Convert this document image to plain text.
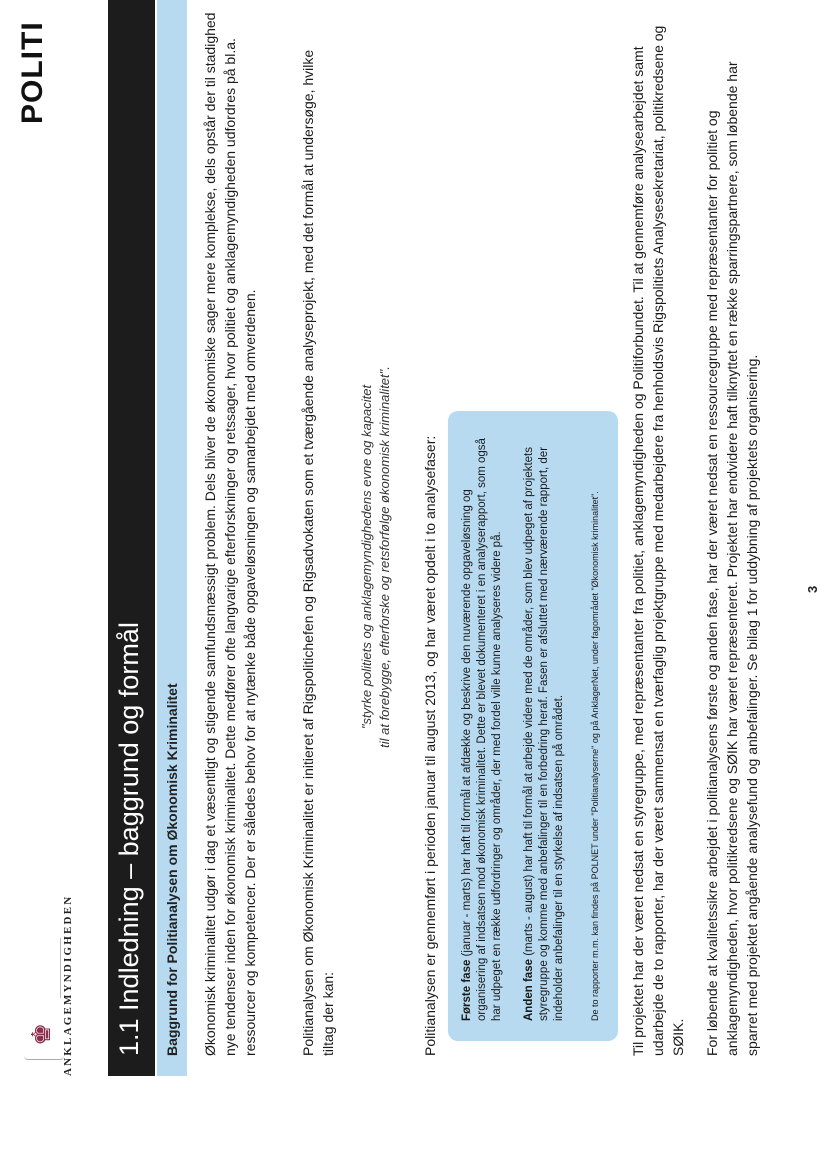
♚ ANKLAGEMYNDIGHEDEN
POLITI
1.1 Indledning – baggrund og formål Baggrund for Politianalysen om Økonomisk Kriminalitet Økonomisk kriminalitet udgør i dag et væsentligt og stigende samfundsmæssigt problem. Dels bliver de økonomiske sager mere komplekse, dels opstår der til stadighed nye tendenser inden for økonomisk kriminalitet. Dette medfører ofte langvarige efterforskninger og retssager, hvor politiet og anklagemyndigheden udfordres på bl.a. ressourcer og kompetencer. Der er således behov for at nytænke både opgaveløsningen og samarbejdet med omverdenen.	Politianalysen om Økonomisk Kriminalitet er initieret af Rigspolitichefen og Rigsadvokaten som et tværgående analyseprojekt, med det formål at undersøge, hvilke tiltag der kan:

"styrke politiets og anklagemyndighedens evne og kapacitet til at forebygge, efterforske og retsforfølge økonomisk kriminalitet". Politianalysen er gennemført i perioden januar til august 2013, og har været opdelt i to analysefaser: Første fase (januar - marts) har haft til formål at afdække og beskrive den nuværende opgaveløsning og organisering af indsatsen mod økonomisk kriminalitet. Dette er blevet dokumenteret i en analyserapport, som også har udpeget en række udfordringer og områder, der med fordel ville kunne analyseres videre på. Anden fase (marts - august) har haft til formål at arbejde videre med de områder, som blev udpeget af projektets styregruppe og komme med anbefalinger til en forbedring heraf. Fasen er afsluttet med nærværende rapport, der indeholder anbefalinger til en styrkelse af indsatsen på området.	De to rapporter m.m. kan findes på POLNET under "Politianalyserne" og på AnklagerNet, under fagområdet "Økonomisk kriminalitet". Til projektet har der været nedsat en styregruppe, med repræsentanter fra politiet, anklagemyndigheden og Politiforbundet. Til at gennemføre analysearbejdet samt udarbejde de to rapporter, har der været sammensat en tværfaglig projektgruppe med medarbejdere fra henholdsvis Rigspolitiets Analysesekretariat, politikredsene og SØIK. For løbende at kvalitetssikre arbejdet i politianalysens første og anden fase, har der været nedsat en ressourcegruppe med repræsentanter for politiet og anklagemyndigheden, hvor politikredsene og SØIK har været repræsenteret. Projektet har endvidere haft tilknyttet en række sparringspartnere, som løbende har sparret med projektet angående analysefund og anbefalinger. Se bilag 1 for uddybning af projektets organisering.	3
